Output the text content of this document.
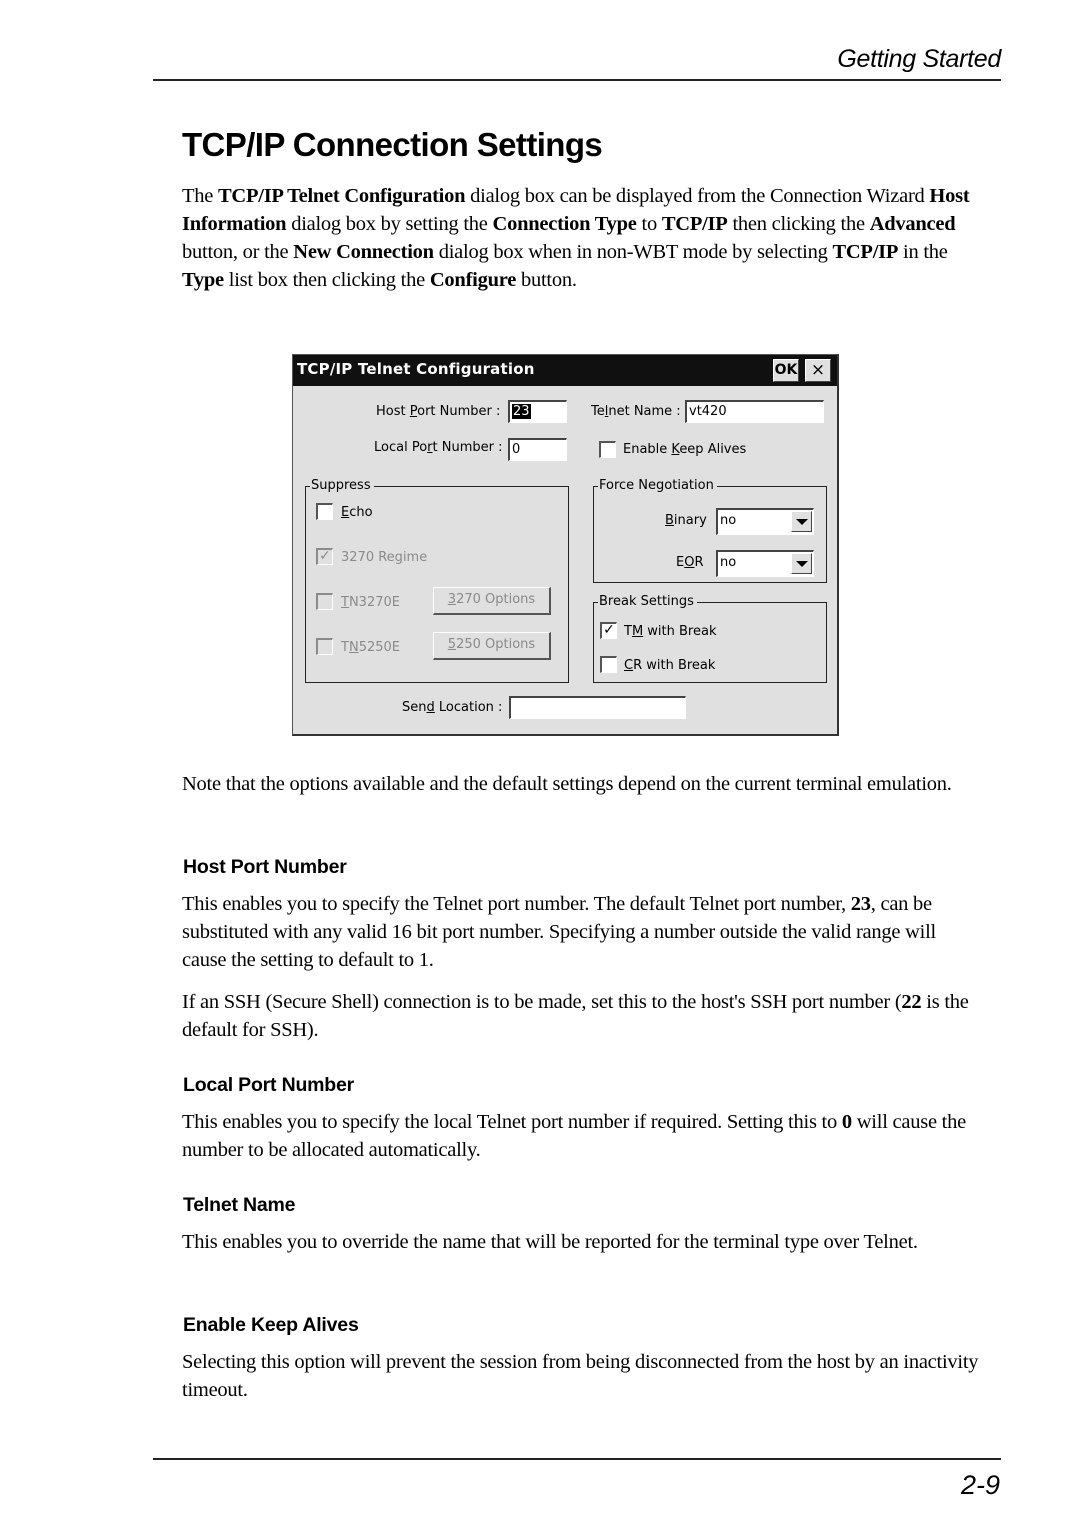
Getting Started
TCP/IP Connection Settings

The TCP/IP Telnet Configuration dialog box can be displayed from the Connection Wizard Host Information dialog box by setting the Connection Type to TCP/IP then clicking the Advanced button, or the New Connection dialog box when in non-WBT mode by selecting TCP/IP in the Type list box then clicking the Configure button.

TCP/IP Telnet Configuration	OK ×
Host Port Number : 23	Telnet Name : vt420
Local Port Number : 0	Enable Keep Alives
Suppress
Echo
✓ 3270 Regime
TN3270E	3270 Options
TN5250E	5250 Options
Force Negotiation
Binary	no
EOR	no
Break Settings
✓ TM with Break
CR with Break
Send Location :

Note that the options available and the default settings depend on the current terminal emulation.

Host Port Number

This enables you to specify the Telnet port number. The default Telnet port number, 23, can be substituted with any valid 16 bit port number. Specifying a number outside the valid range will cause the setting to default to 1.

If an SSH (Secure Shell) connection is to be made, set this to the host's SSH port number (22 is the default for SSH).

Local Port Number

This enables you to specify the local Telnet port number if required. Setting this to 0 will cause the number to be allocated automatically.

Telnet Name

This enables you to override the name that will be reported for the terminal type over Telnet.

Enable Keep Alives

Selecting this option will prevent the session from being disconnected from the host by an inactivity timeout.

2-9
